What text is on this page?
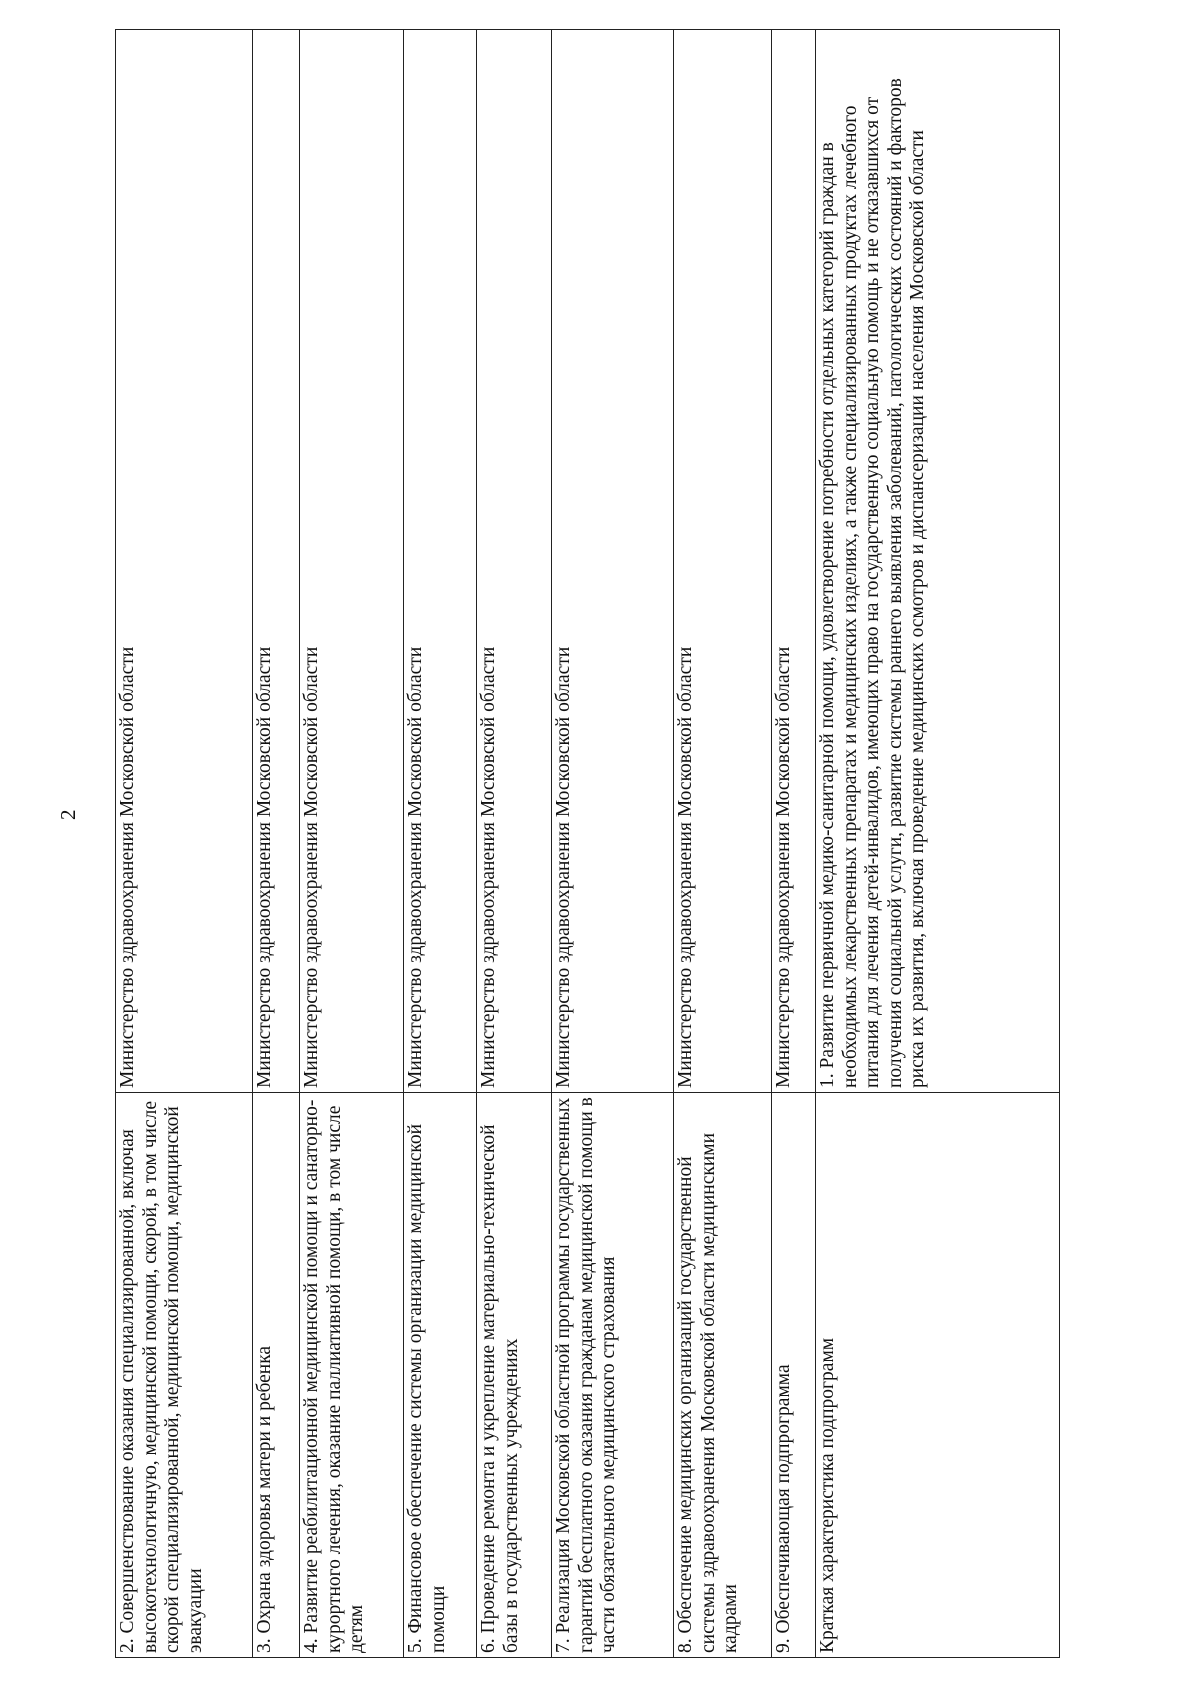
2
2. Совершенствование оказания специализированной, включая высокотехнологичную, медицинской помощи, скорой, в том числе скорой специализированной, медицинской помощи, медицинской эвакуации	Министерство здравоохранения Московской области
3. Охрана здоровья матери и ребенка	Министерство здравоохранения Московской области
4. Развитие реабилитационной медицинской помощи и санаторно-курортного лечения, оказание паллиативной помощи, в том числе детям	Министерство здравоохранения Московской области
5. Финансовое обеспечение системы организации медицинской помощи	Министерство здравоохранения Московской области
6. Проведение ремонта и укрепление материально-технической базы в государственных учреждениях	Министерство здравоохранения Московской области
7. Реализация Московской областной программы государственных гарантий бесплатного оказания гражданам медицинской помощи в части обязательного медицинского страхования	Министерство здравоохранения Московской области
8. Обеспечение медицинских организаций государственной системы здравоохранения Московской области медицинскими кадрами	Министерство здравоохранения Московской области
9. Обеспечивающая подпрограмма	Министерство здравоохранения Московской области
Краткая характеристика подпрограмм	1. Развитие первичной медико-санитарной помощи, удовлетворение потребности отдельных категорий граждан в необходимых лекарственных препаратах и медицинских изделиях, а также специализированных продуктах лечебного питания для лечения детей-инвалидов, имеющих право на государственную социальную помощь и не отказавшихся от получения социальной услуги, развитие системы раннего выявления заболеваний, патологических состояний и факторов риска их развития, включая проведение медицинских осмотров и диспансеризации населения Московской области
